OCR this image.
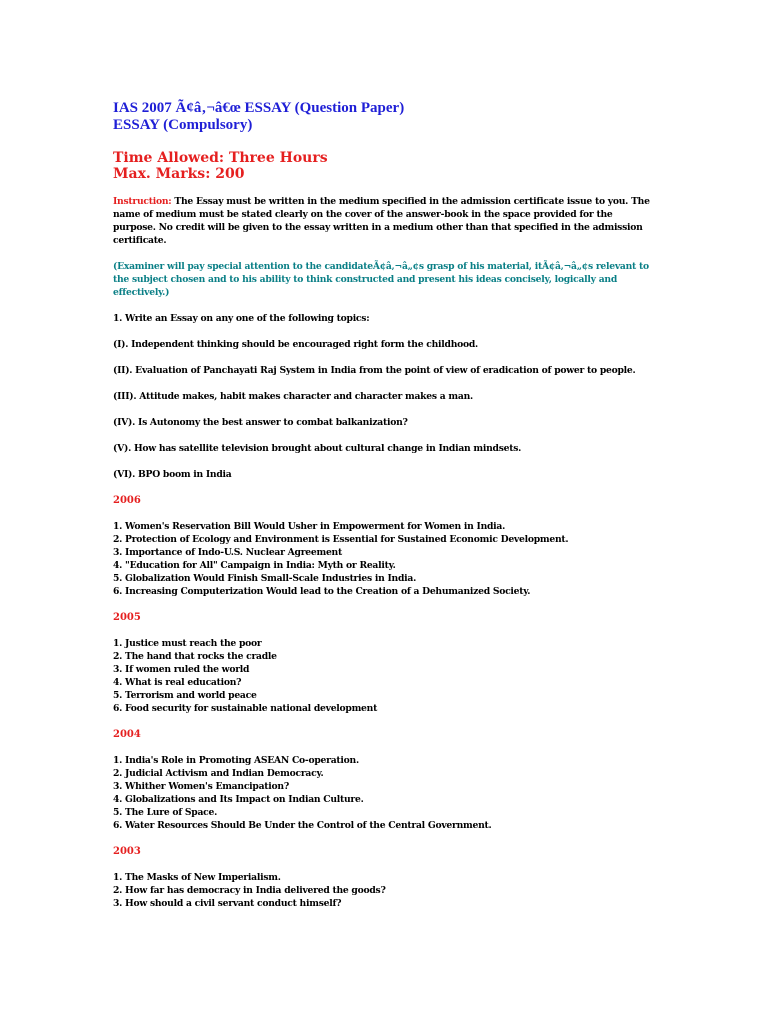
IAS 2007 Ã¢â‚¬â€œ ESSAY (Question Paper)
ESSAY (Compulsory)
Time Allowed: Three Hours
Max. Marks: 200
Instruction: The Essay must be written in the medium specified in the admission certificate issue to you. The name of medium must be stated clearly on the cover of the answer-book in the space provided for the purpose. No credit will be given to the essay written in a medium other than that specified in the admission certificate.
(Examiner will pay special attention to the candidateÃ¢â‚¬â„¢s grasp of his material, itÃ¢â‚¬â„¢s relevant to the subject chosen and to his ability to think constructed and present his ideas concisely, logically and effectively.)
1. Write an Essay on any one of the following topics:
(I). Independent thinking should be encouraged right form the childhood.
(II). Evaluation of Panchayati Raj System in India from the point of view of eradication of power to people.
(III). Attitude makes, habit makes character and character makes a man.
(IV). Is Autonomy the best answer to combat balkanization?
(V). How has satellite television brought about cultural change in Indian mindsets.
(VI). BPO boom in India
2006
1. Women's Reservation Bill Would Usher in Empowerment for Women in India.
2. Protection of Ecology and Environment is Essential for Sustained Economic Development.
3. Importance of Indo-U.S. Nuclear Agreement
4. "Education for All" Campaign in India: Myth or Reality.
5. Globalization Would Finish Small-Scale Industries in India.
6. Increasing Computerization Would lead to the Creation of a Dehumanized Society.
2005
1. Justice must reach the poor
2. The hand that rocks the cradle
3. If women ruled the world
4. What is real education?
5. Terrorism and world peace
6. Food security for sustainable national development
2004
1. India's Role in Promoting ASEAN Co-operation.
2. Judicial Activism and Indian Democracy.
3. Whither Women's Emancipation?
4. Globalizations and Its Impact on Indian Culture.
5. The Lure of Space.
6. Water Resources Should Be Under the Control of the Central Government.
2003
1. The Masks of New Imperialism.
2. How far has democracy in India delivered the goods?
3. How should a civil servant conduct himself?
